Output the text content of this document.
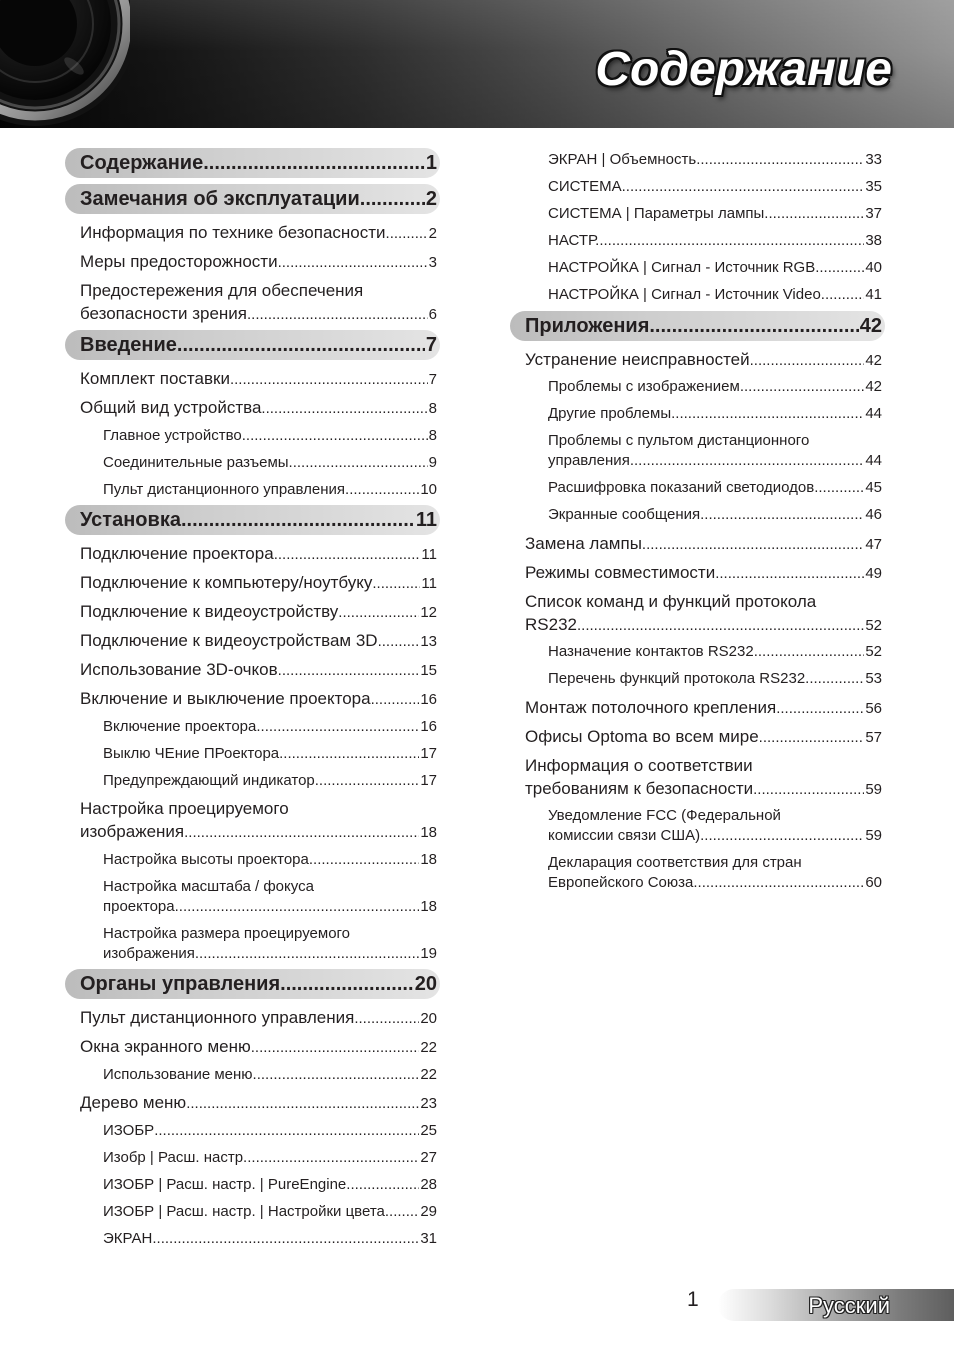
Содержание
Содержание .....	1
Замечания об эксплуатации .....	2
Информация по технике безопасности .....	2
Меры предосторожности .....	3
Предостережения для обеспечения
безопасности зрения .....	6
Введение .....	7
Комплект поставки .....	7
Общий вид устройства .....	8
Главное устройство .....	8
Соединительные разъемы .....	9
Пульт дистанционного управления .....	10
Установка .....	11
Подключение проектора .....	11
Подключение к компьютеру/ноутбуку .....	11
Подключение к видеоустройству .....	12
Подключение к видеоустройствам 3D .....	13
Использование 3D-очков .....	15
Включение и выключение проектора .....	16
Включение проектора .....	16
Выклю ЧЕние ПРоектора .....	17
Предупреждающий индикатор .....	17
Настройка проецируемого
изображения .....	18
Настройка высоты проектора .....	18
Настройка масштаба / фокуса
проектора .....	18
Настройка размера проецируемого
изображения .....	19
Органы управления .....	20
Пульт дистанционного управления .....	20
Окна экранного меню .....	22
Использование меню .....	22
Дерево меню .....	23
ИЗОБР .....	25
Изобр | Расш. настр. .....	27
ИЗОБР | Расш. настр. | PureEngine .....	28
ИЗОБР | Расш. настр. | Настройки цвета ..... 29
ЭКРАН .....	31
ЭКРАН | Объемность .....	33
СИСТЕМА .....	35
СИСТЕМА | Параметры лампы .....	37
НАСТР. .....	38
НАСТРОЙКА | Сигнал - Источник RGB .....	40
НАСТРОЙКА | Сигнал - Источник Video .....	41
Приложения .....	42
Устранение неисправностей .....	42
Проблемы с изображением .....	42
Другие проблемы .....	44
Проблемы с пультом дистанционного
управления .....	44
Расшифровка показаний светодиодов .....	45
Экранные сообщения .....	46
Замена лампы .....	47
Режимы совместимости .....	49
Список команд и функций протокола
RS232 .....	52
Назначение контактов RS232 .....	52
Перечень функций протокола RS232 .....	53
Монтаж потолочного крепления .....	56
Офисы Optoma во всем мире .....	57
Информация о соответствии
требованиям к безопасности .....	59
Уведомление FCC (Федеральной
комиссии связи США) .....	59
Декларация соответствия для стран
Европейского Союза .....	60
1	Русский
